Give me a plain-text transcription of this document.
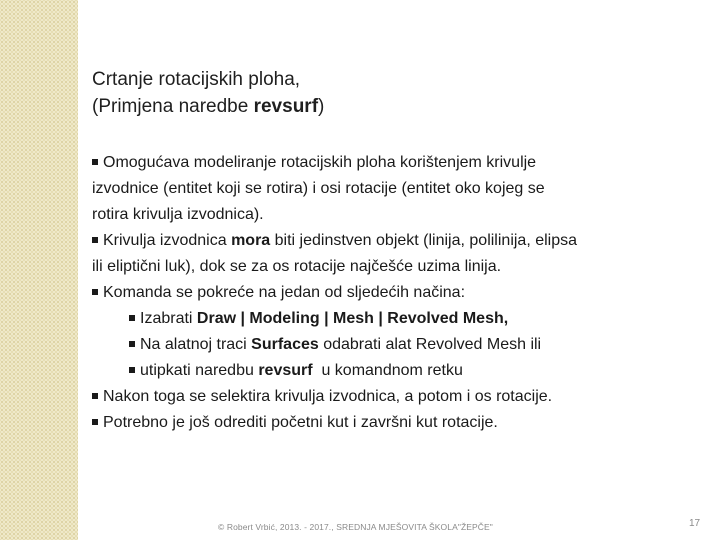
Crtanje rotacijskih ploha,
(Primjena naredbe revsurf)
Omogućava modeliranje rotacijskih ploha korištenjem krivulje
izvodnice (entitet koji se rotira) i osi rotacije (entitet oko kojeg se
rotira krivulja izvodnica).
Krivulja izvodnica mora biti jedinstven objekt (linija, polilinija, elipsa
ili eliptični luk), dok se za os rotacije najčešće uzima linija.
Komanda se pokreće na jedan od sljedećih načina:
Izabrati Draw | Modeling | Mesh | Revolved Mesh,
Na alatnoj traci Surfaces odabrati alat Revolved Mesh ili
utipkati naredbu revsurf  u komandnom retku
Nakon toga se selektira krivulja izvodnica, a potom i os rotacije.
Potrebno je još odrediti početni kut i završni kut rotacije.
© Robert Vrbić, 2013. - 2017., SREDNJA MJEŠOVITA ŠKOLA"ŽEPČE"	17
